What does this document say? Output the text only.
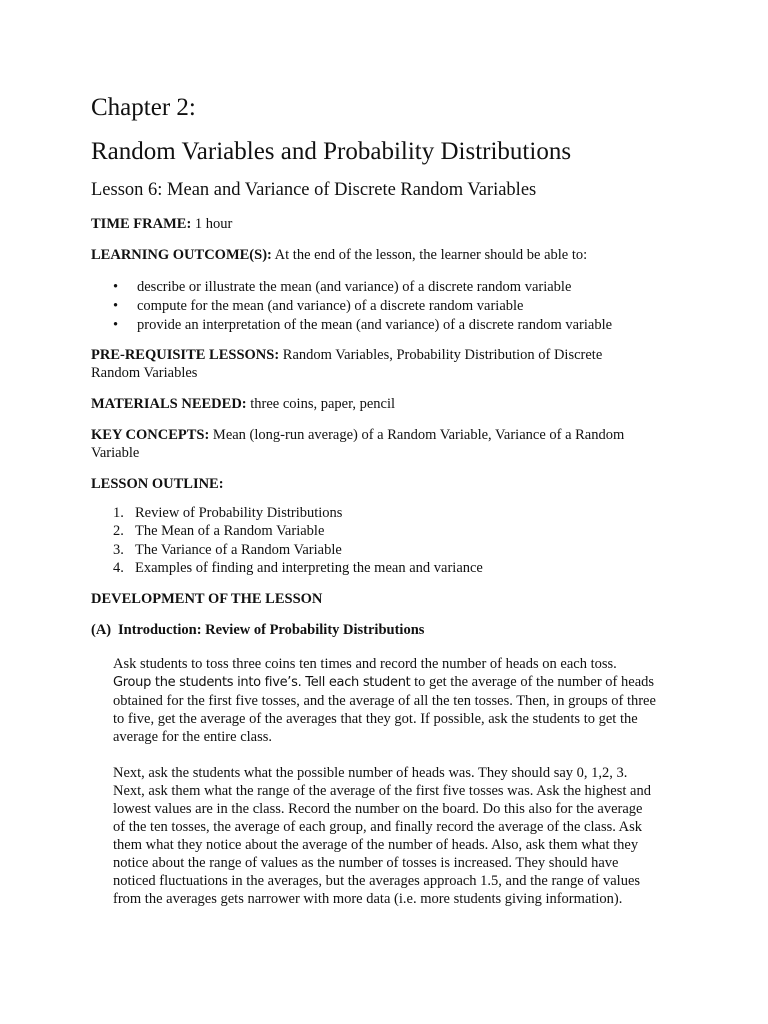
Chapter 2:
Random Variables and Probability Distributions
Lesson 6: Mean and Variance of Discrete Random Variables
TIME FRAME: 1 hour
LEARNING OUTCOME(S): At the end of the lesson, the learner should be able to:
• describe or illustrate the mean (and variance) of a discrete random variable
• compute for the mean (and variance) of a discrete random variable
• provide an interpretation of the mean (and variance) of a discrete random variable
PRE-REQUISITE LESSONS: Random Variables, Probability Distribution of Discrete Random Variables
MATERIALS NEEDED: three coins, paper, pencil
KEY CONCEPTS: Mean (long-run average) of a Random Variable, Variance of a Random Variable
LESSON OUTLINE:
1. Review of Probability Distributions
2. The Mean of a Random Variable
3. The Variance of a Random Variable
4. Examples of finding and interpreting the mean and variance
DEVELOPMENT OF THE LESSON
(A) Introduction: Review of Probability Distributions
Ask students to toss three coins ten times and record the number of heads on each toss.
Group the students into five’s. Tell each student to get the average of the number of heads
obtained for the first five tosses, and the average of all the ten tosses. Then, in groups of three
to five, get the average of the averages that they got. If possible, ask the students to get the
average for the entire class.
Next, ask the students what the possible number of heads was. They should say 0, 1,2, 3.
Next, ask them what the range of the average of the first five tosses was. Ask the highest and
lowest values are in the class. Record the number on the board. Do this also for the average
of the ten tosses, the average of each group, and finally record the average of the class. Ask
them what they notice about the average of the number of heads. Also, ask them what they
notice about the range of values as the number of tosses is increased. They should have
noticed fluctuations in the averages, but the averages approach 1.5, and the range of values
from the averages gets narrower with more data (i.e. more students giving information).
